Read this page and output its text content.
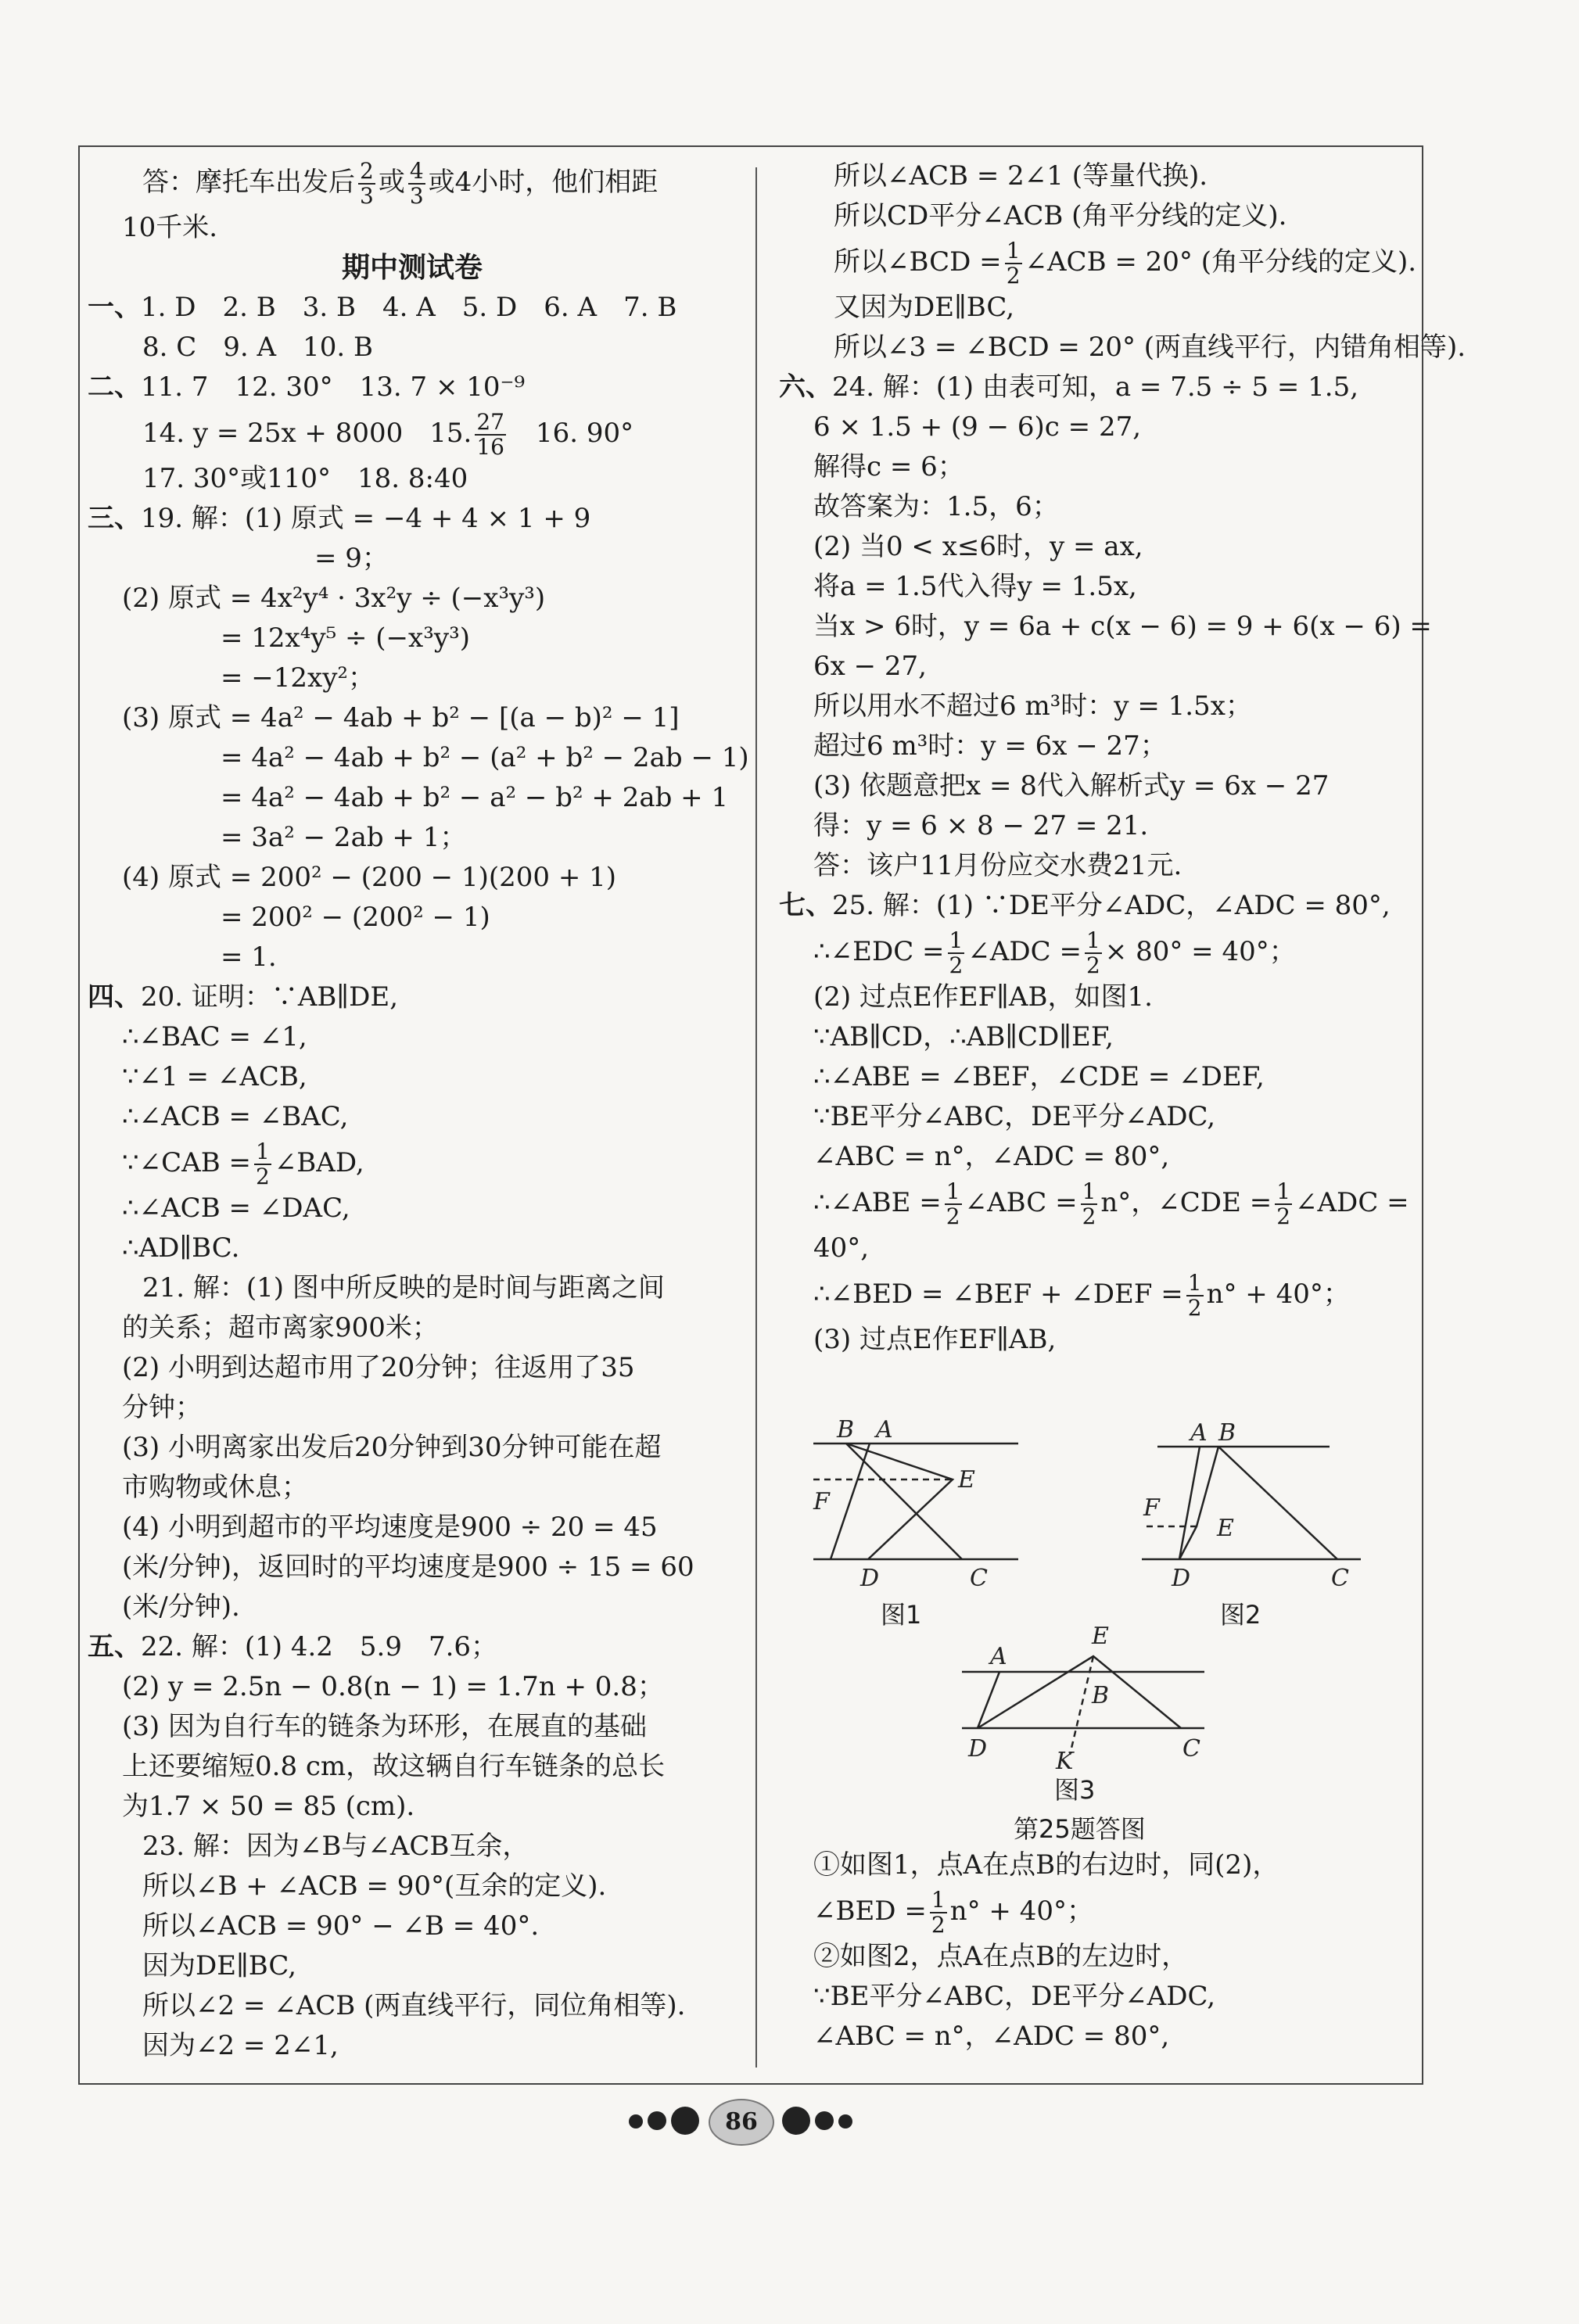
答：摩托车出发后 $\frac{2}{3}$ 或 $\frac{4}{3}$ 或4小时，他们相距
10千米.
期中测试卷
一、1. D　2. B　3. B　4. A　5. D　6. A　7. B
8. C　9. A　10. B
二、11. 7　12. 30°　13. 7 × 10⁻⁹
14. y = 25x + 8000　15. $\frac{27}{16}$
　 16. 90°
17. 30°或110°　18. 8:40
三、19. 解：(1) 原式 = −4 + 4 × 1 + 9
= 9；
(2) 原式 = 4x²y⁴ · 3x²y ÷ (−x³y³)
= 12x⁴y⁵ ÷ (−x³y³)
= −12xy²；
(3) 原式 = 4a² − 4ab + b² − [(a − b)² − 1]
= 4a² − 4ab + b² − (a² + b² − 2ab − 1)
= 4a² − 4ab + b² − a² − b² + 2ab + 1
= 3a² − 2ab + 1；
(4) 原式 = 200² − (200 − 1)(200 + 1)
= 200² − (200² − 1)
= 1.
四、20. 证明：∵AB∥DE,
∴∠BAC = ∠1,
∵∠1 = ∠ACB,
∴∠ACB = ∠BAC,
∵∠CAB = $\frac{1}{2}$ ∠BAD,
∴∠ACB = ∠DAC,
∴AD∥BC.
21. 解：(1) 图中所反映的是时间与距离之间
的关系；超市离家900米；
(2) 小明到达超市用了20分钟；往返用了35
分钟；
(3) 小明离家出发后20分钟到30分钟可能在超
市购物或休息；
(4) 小明到超市的平均速度是900 ÷ 20 = 45
(米/分钟)，返回时的平均速度是900 ÷ 15 = 60
(米/分钟).
五、22. 解：(1) 4.2　5.9　7.6；
(2) y = 2.5n − 0.8(n − 1) = 1.7n + 0.8；
(3) 因为自行车的链条为环形，在展直的基础
上还要缩短0.8 cm，故这辆自行车链条的总长
为1.7 × 50 = 85 (cm).
23. 解：因为∠B与∠ACB互余，
所以∠B + ∠ACB = 90°(互余的定义).
所以∠ACB = 90° − ∠B = 40°.
因为DE∥BC,
所以∠2 = ∠ACB (两直线平行，同位角相等).
因为∠2 = 2∠1,
所以∠ACB = 2∠1 (等量代换).
所以CD平分∠ACB (角平分线的定义).
所以∠BCD = $\frac{1}{2}$ ∠ACB = 20° (角平分线的定义).
又因为DE∥BC,
所以∠3 = ∠BCD = 20° (两直线平行，内错角相等).
六、24. 解：(1) 由表可知，a = 7.5 ÷ 5 = 1.5,
6 × 1.5 + (9 − 6)c = 27,
解得c = 6；
故答案为：1.5，6；
(2) 当0 < x≤6时，y = ax,
将a = 1.5代入得y = 1.5x,
当x > 6时，y = 6a + c(x − 6) = 9 + 6(x − 6) =
6x − 27,
所以用水不超过6 m³时：y = 1.5x；
超过6 m³时：y = 6x − 27；
(3) 依题意把x = 8代入解析式y = 6x − 27
得：y = 6 × 8 − 27 = 21.
答：该户11月份应交水费21元.
七、25. 解：(1) ∵DE平分∠ADC，∠ADC = 80°,
∴∠EDC = $\frac{1}{2}$ ∠ADC = $\frac{1}{2} \times 80^\circ = 40^\circ$；
(2) 过点E作EF∥AB，如图1.
∵AB∥CD，∴AB∥CD∥EF,
∴∠ABE = ∠BEF，∠CDE = ∠DEF,
∵BE平分∠ABC，DE平分∠ADC,
∠ABC = n°，∠ADC = 80°,
∴∠ABE = $\frac{1}{2}$ ∠ABC = $\frac{1}{2} n^\circ$，∠CDE = $\frac{1}{2}$ ∠ADC =
40°,
∴∠BED = ∠BEF + ∠DEF = $\frac{1}{2} n^\circ + 40^\circ$；
(3) 过点E作EF∥AB,
B A
E
F
D	C
图1
A B
F
E
D	C
图2
A
E
B
D	K	C
图3
第25题答图
①如图1，点A在点B的右边时，同(2)，
∠BED = $\frac{1}{2} n^\circ + 40^\circ$；
②如图2，点A在点B的左边时，
∵BE平分∠ABC，DE平分∠ADC,
∠ABC = n°，∠ADC = 80°,
86
